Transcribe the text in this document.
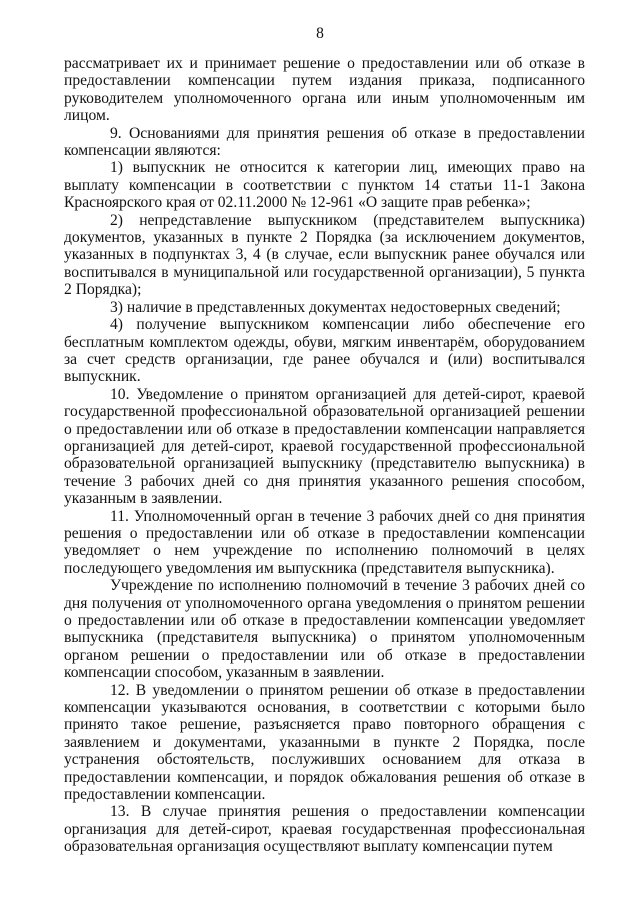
8

рассматривает их и принимает решение о предоставлении или об отказе в предоставлении компенсации путем издания приказа, подписанного руководителем уполномоченного органа или иным уполномоченным им лицом.

9. Основаниями для принятия решения об отказе в предоставлении компенсации являются:

1) выпускник не относится к категории лиц, имеющих право на выплату компенсации в соответствии с пунктом 14 статьи 11-1 Закона Красноярского края от 02.11.2000 № 12-961 «О защите прав ребенка»;

2) непредставление выпускником (представителем выпускника) документов, указанных в пункте 2 Порядка (за исключением документов, указанных в подпунктах 3, 4 (в случае, если выпускник ранее обучался или воспитывался в муниципальной или государственной организации), 5 пункта 2 Порядка);

3) наличие в представленных документах недостоверных сведений;

4) получение выпускником компенсации либо обеспечение его бесплатным комплектом одежды, обуви, мягким инвентарём, оборудованием за счет средств организации, где ранее обучался и (или) воспитывался выпускник.

10. Уведомление о принятом организацией для детей-сирот, краевой государственной профессиональной образовательной организацией решении о предоставлении или об отказе в предоставлении компенсации направляется организацией для детей-сирот, краевой государственной профессиональной образовательной организацией выпускнику (представителю выпускника) в течение 3 рабочих дней со дня принятия указанного решения способом, указанным в заявлении.

11. Уполномоченный орган в течение 3 рабочих дней со дня принятия решения о предоставлении или об отказе в предоставлении компенсации уведомляет о нем учреждение по исполнению полномочий в целях последующего уведомления им выпускника (представителя выпускника).

Учреждение по исполнению полномочий в течение 3 рабочих дней со дня получения от уполномоченного органа уведомления о принятом решении о предоставлении или об отказе в предоставлении компенсации уведомляет выпускника (представителя выпускника) о принятом уполномоченным органом решении о предоставлении или об отказе в предоставлении компенсации способом, указанным в заявлении.

12. В уведомлении о принятом решении об отказе в предоставлении компенсации указываются основания, в соответствии с которыми было принято такое решение, разъясняется право повторного обращения с заявлением и документами, указанными в пункте 2 Порядка, после устранения обстоятельств, послуживших основанием для отказа в предоставлении компенсации, и порядок обжалования решения об отказе в предоставлении компенсации.

13. В случае принятия решения о предоставлении компенсации организация для детей-сирот, краевая государственная профессиональная образовательная организация осуществляют выплату компенсации путем
